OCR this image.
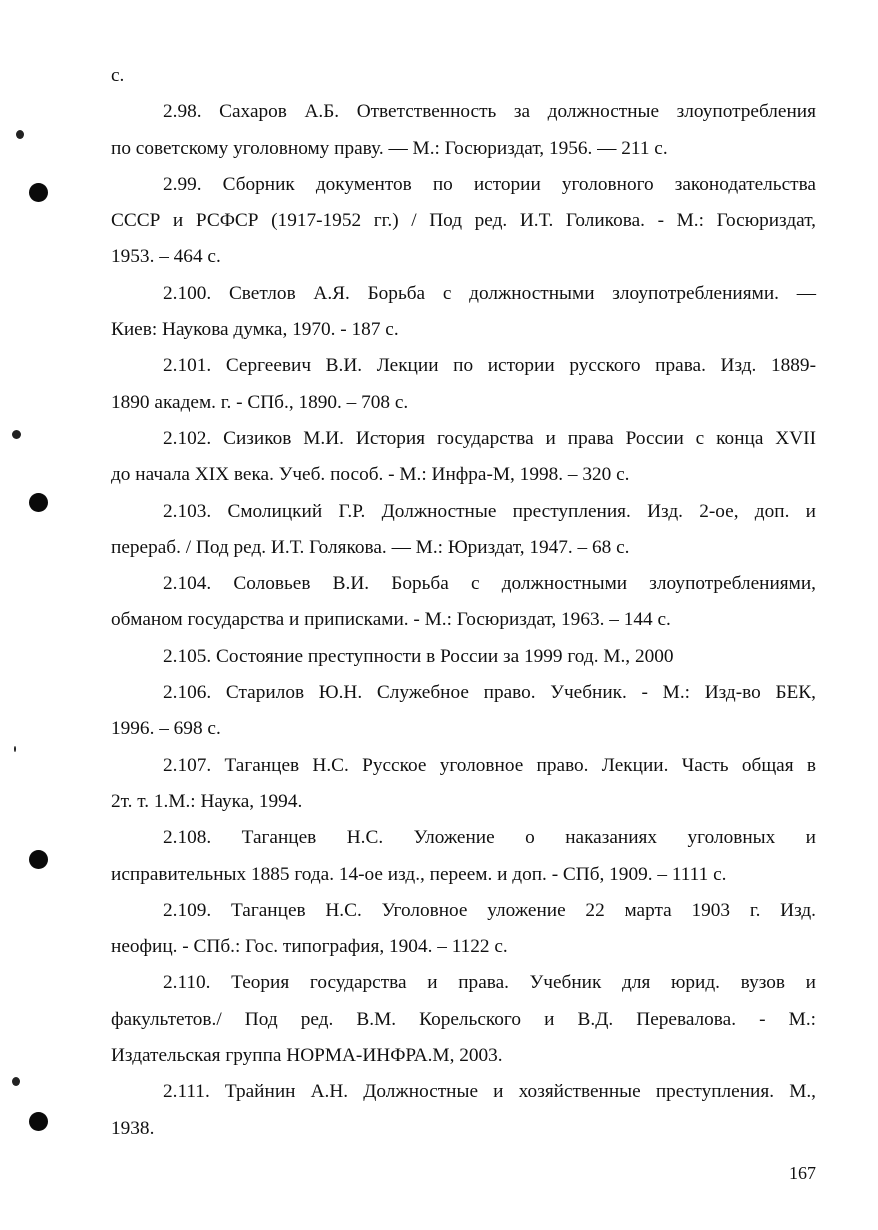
с.
2.98. Сахаров А.Б. Ответственность за должностные злоупотребления
по советскому уголовному праву. — М.: Госюриздат, 1956. — 211 с.
2.99. Сборник документов по истории уголовного законодательства
СССР и РСФСР (1917-1952 гг.) / Под ред. И.Т. Голикова. - М.: Госюриздат,
1953. – 464 с.
2.100. Светлов А.Я. Борьба с должностными злоупотреблениями. —
Киев: Наукова думка, 1970. - 187 с.
2.101. Сергеевич В.И. Лекции по истории русского права. Изд. 1889-
1890 академ. г. - СПб., 1890. – 708 с.
2.102. Сизиков М.И. История государства и права России с конца XVII
до начала XIX века. Учеб. пособ. - М.: Инфра-М, 1998. – 320 с.
2.103. Смолицкий Г.Р. Должностные преступления. Изд. 2-ое, доп. и
перераб. / Под ред. И.Т. Голякова. — М.: Юриздат, 1947. – 68 с.
2.104. Соловьев В.И. Борьба с должностными злоупотреблениями,
обманом государства и приписками. - М.: Госюриздат, 1963. – 144 с.
2.105. Состояние преступности в России за 1999 год. М., 2000
2.106. Старилов Ю.Н. Служебное право. Учебник. - М.: Изд-во БЕК,
1996. – 698 с.
2.107. Таганцев Н.С. Русское уголовное право. Лекции. Часть общая в
2т. т. 1.М.: Наука, 1994.
2.108. Таганцев Н.С. Уложение о наказаниях уголовных и
исправительных 1885 года. 14-ое изд., переем. и доп. - СПб, 1909. – 1111 с.
2.109. Таганцев Н.С. Уголовное уложение 22 марта 1903 г. Изд.
неофиц. - СПб.: Гос. типография, 1904. – 1122 с.
2.110. Теория государства и права. Учебник для юрид. вузов и
факультетов./ Под ред. В.М. Корельского и В.Д. Перевалова. - М.:
Издательская группа НОРМА-ИНФРА.М, 2003.
2.111. Трайнин А.Н. Должностные и хозяйственные преступления. М.,
1938.
167
